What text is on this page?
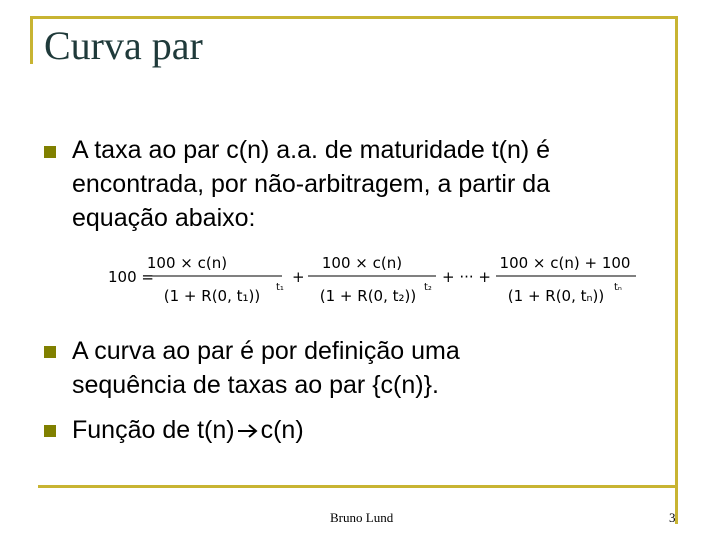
Curva par
A taxa ao par c(n) a.a. de maturidade t(n) é
encontrada, por não-arbitragem, a partir da
equação abaixo:
100 =
100 × c(n)
(1 + R(0, t₁)) t₁
+
100 × c(n)
(1 + R(0, t₂)) t₂
+ ··· +
100 × c(n) + 100
(1 + R(0, tₙ)) tₙ
A curva ao par é por definição uma
sequência de taxas ao par {c(n)}.
Função de t(n) c(n)
Bruno Lund	3
